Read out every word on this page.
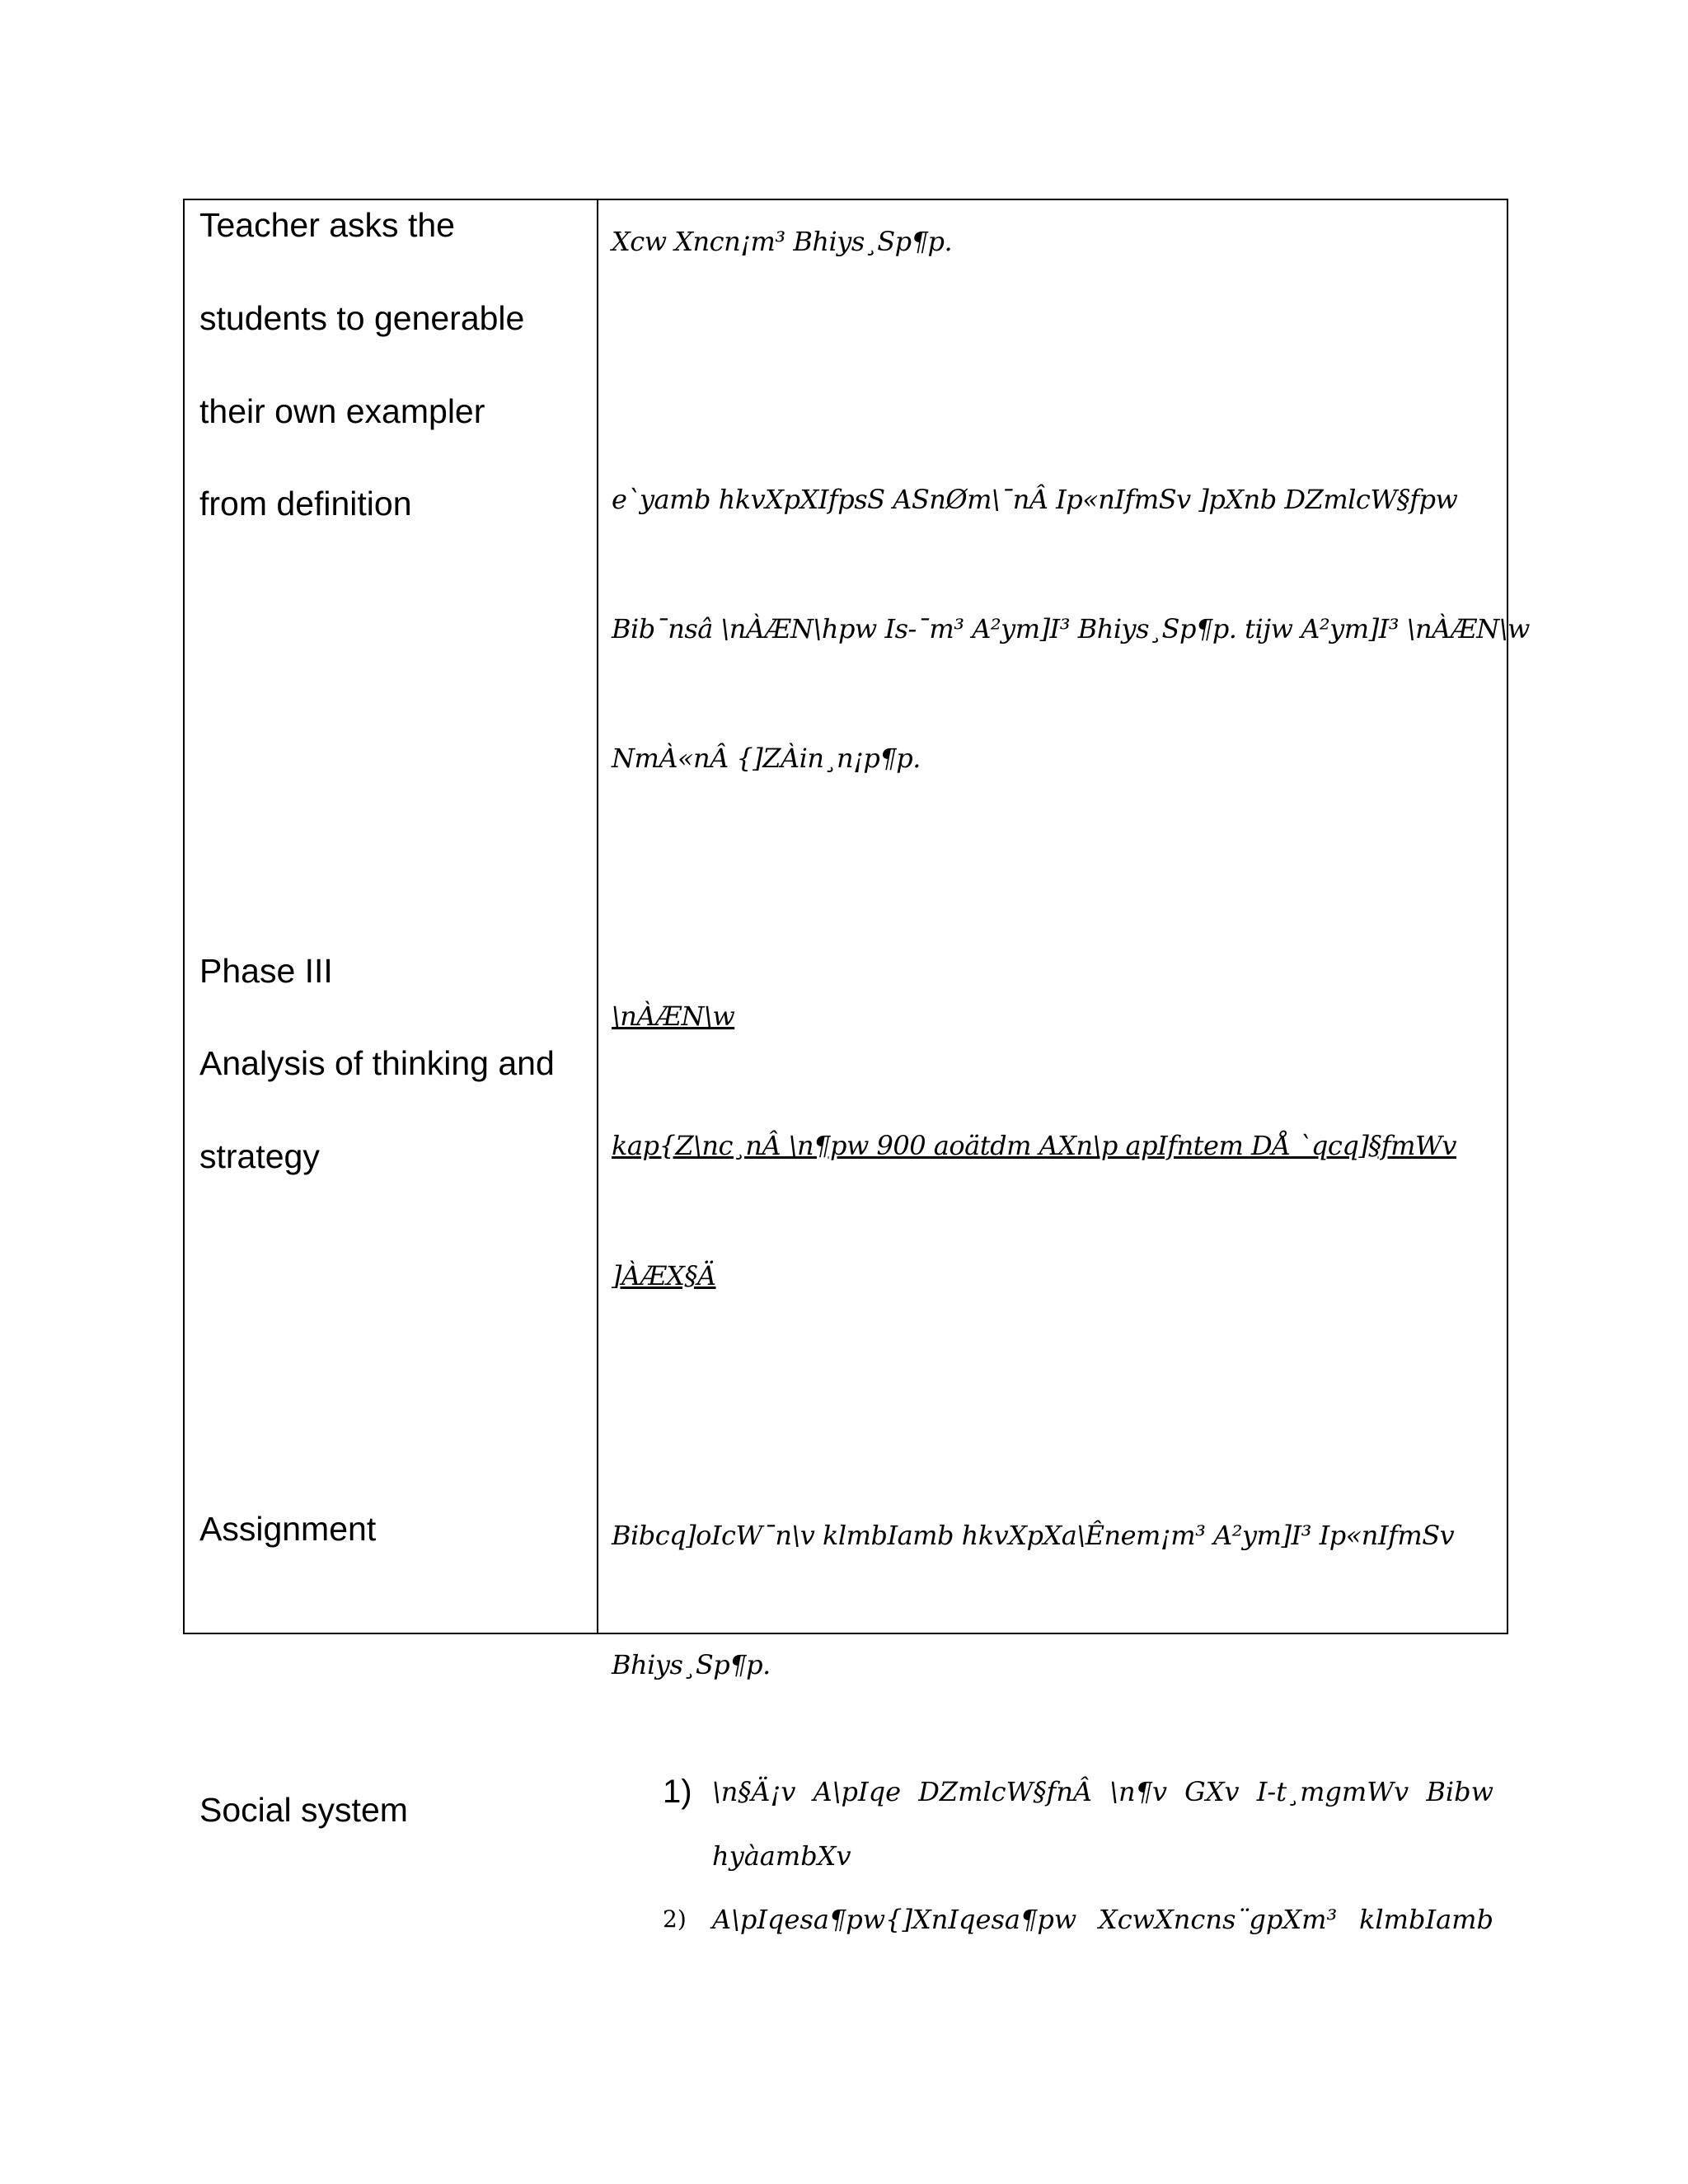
Teacher asks the
students to generable
their own exampler
from definition
Phase III
Analysis of thinking and
strategy
Assignment
Social system
Xcw Xncn¡m³ Bhiys¸Sp¶p.
e`yamb hkvXpXIfpsS ASnØm\¯nÂ Ip«nIfmSv ]pXnb DZmlcW§fpw
Bib¯nsâ \nÀÆN\hpw Is-¯m³ A²ym]I³ Bhiys¸Sp¶p. tijw A²ym]I³ \nÀÆN\w
NmÀ«nÂ {]ZÀin¸n¡p¶p.
\nÀÆN\w
kap{Z\nc¸nÂ \n¶pw 900 aoätdm AXn\p apIfntem DÅ `qcq]§fmWv
]ÀÆX§Ä
Bibcq]oIcW¯n\v klmbIamb hkvXpXa\Ênem¡m³ A²ym]I³ Ip«nIfmSv
Bhiys¸Sp¶p.
1) \n§Ä¡v A\pIqe DZmlcW§fnÂ \n¶v GXv I-t¸mgmWv Bibw
hyàambXv
2) A\pIqesa¶pw{]XnIqesa¶pw XcwXncns¨gpXm³ klmbIamb
